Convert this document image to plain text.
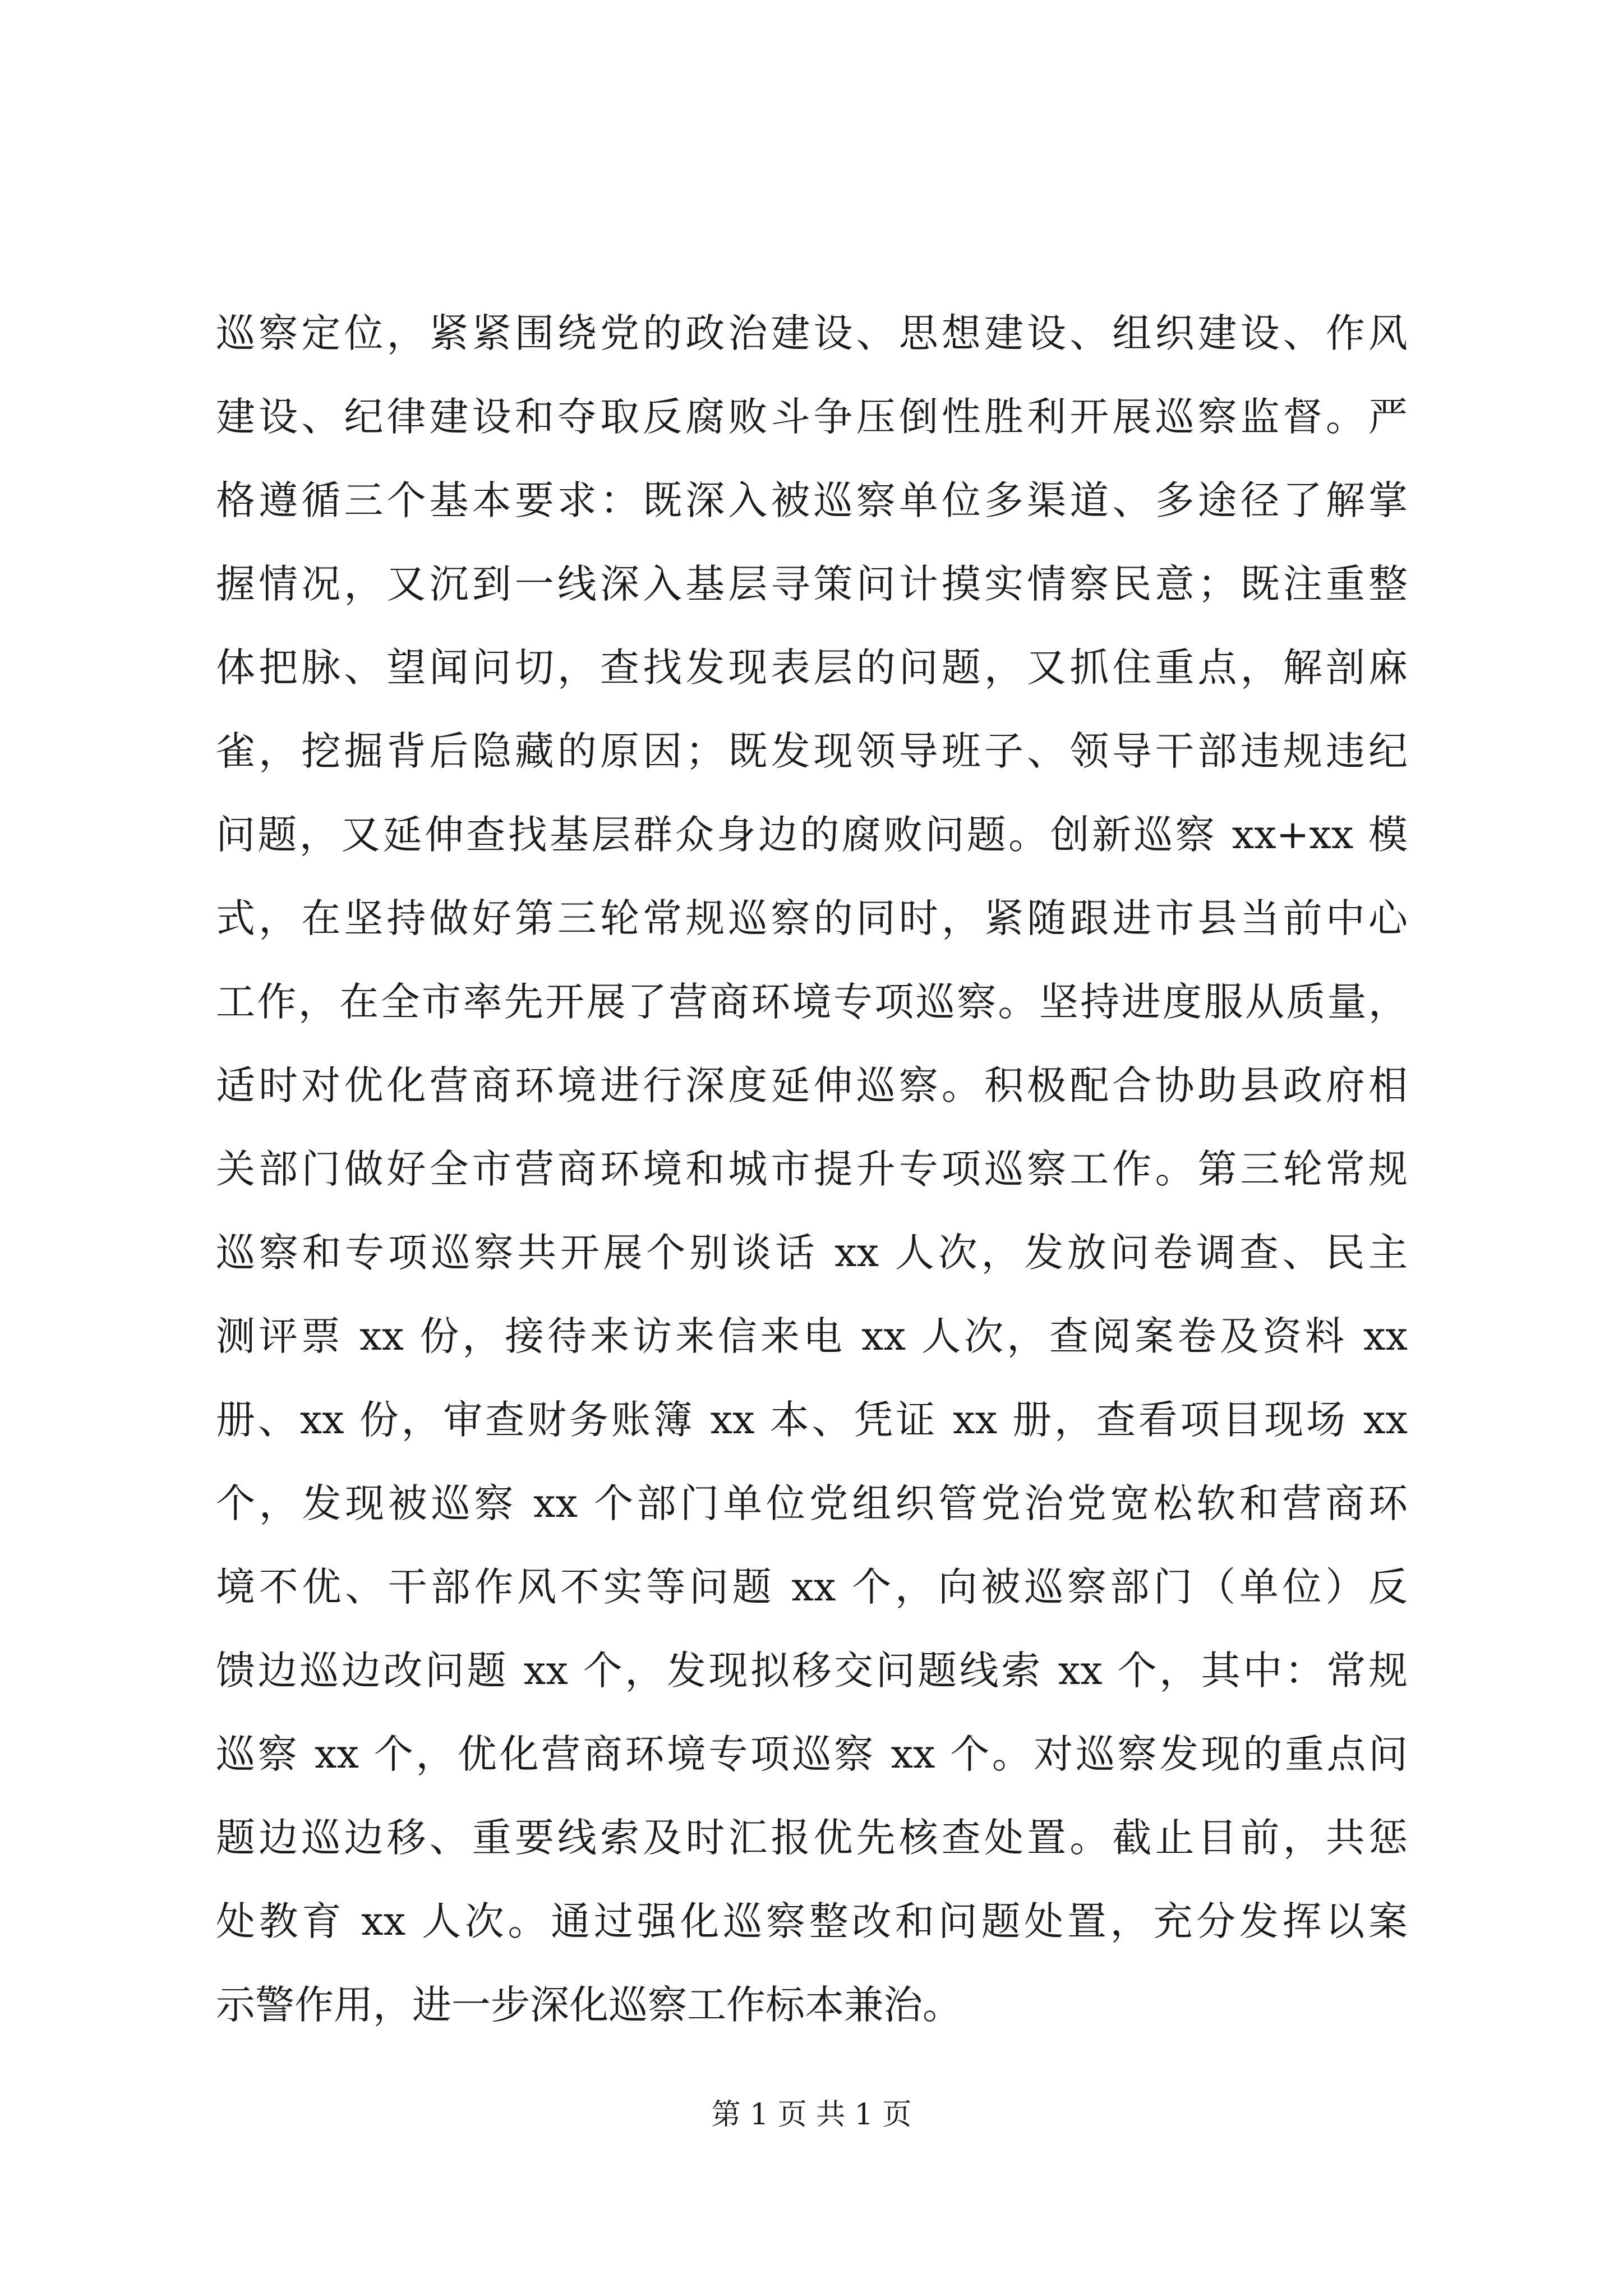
巡察定位，紧紧围绕党的政治建设、思想建设、组织建设、作风
建设、纪律建设和夺取反腐败斗争压倒性胜利开展巡察监督。严
格遵循三个基本要求：既深入被巡察单位多渠道、多途径了解掌
握情况，又沉到一线深入基层寻策问计摸实情察民意；既注重整
体把脉、望闻问切，查找发现表层的问题，又抓住重点，解剖麻
雀，挖掘背后隐藏的原因；既发现领导班子、领导干部违规违纪
问题，又延伸查找基层群众身边的腐败问题。创新巡察 xx+xx 模
式，在坚持做好第三轮常规巡察的同时，紧随跟进市县当前中心
工作，在全市率先开展了营商环境专项巡察。坚持进度服从质量，
适时对优化营商环境进行深度延伸巡察。积极配合协助县政府相
关部门做好全市营商环境和城市提升专项巡察工作。第三轮常规
巡察和专项巡察共开展个别谈话 xx 人次，发放问卷调查、民主
测评票 xx 份，接待来访来信来电 xx 人次，查阅案卷及资料 xx
册、xx 份，审查财务账簿 xx 本、凭证 xx 册，查看项目现场 xx
个，发现被巡察 xx 个部门单位党组织管党治党宽松软和营商环
境不优、干部作风不实等问题 xx 个，向被巡察部门（单位）反
馈边巡边改问题 xx 个，发现拟移交问题线索 xx 个，其中：常规
巡察 xx 个，优化营商环境专项巡察 xx 个。对巡察发现的重点问
题边巡边移、重要线索及时汇报优先核查处置。截止目前，共惩
处教育 xx 人次。通过强化巡察整改和问题处置，充分发挥以案
示警作用，进一步深化巡察工作标本兼治。
第 1 页 共 1 页
